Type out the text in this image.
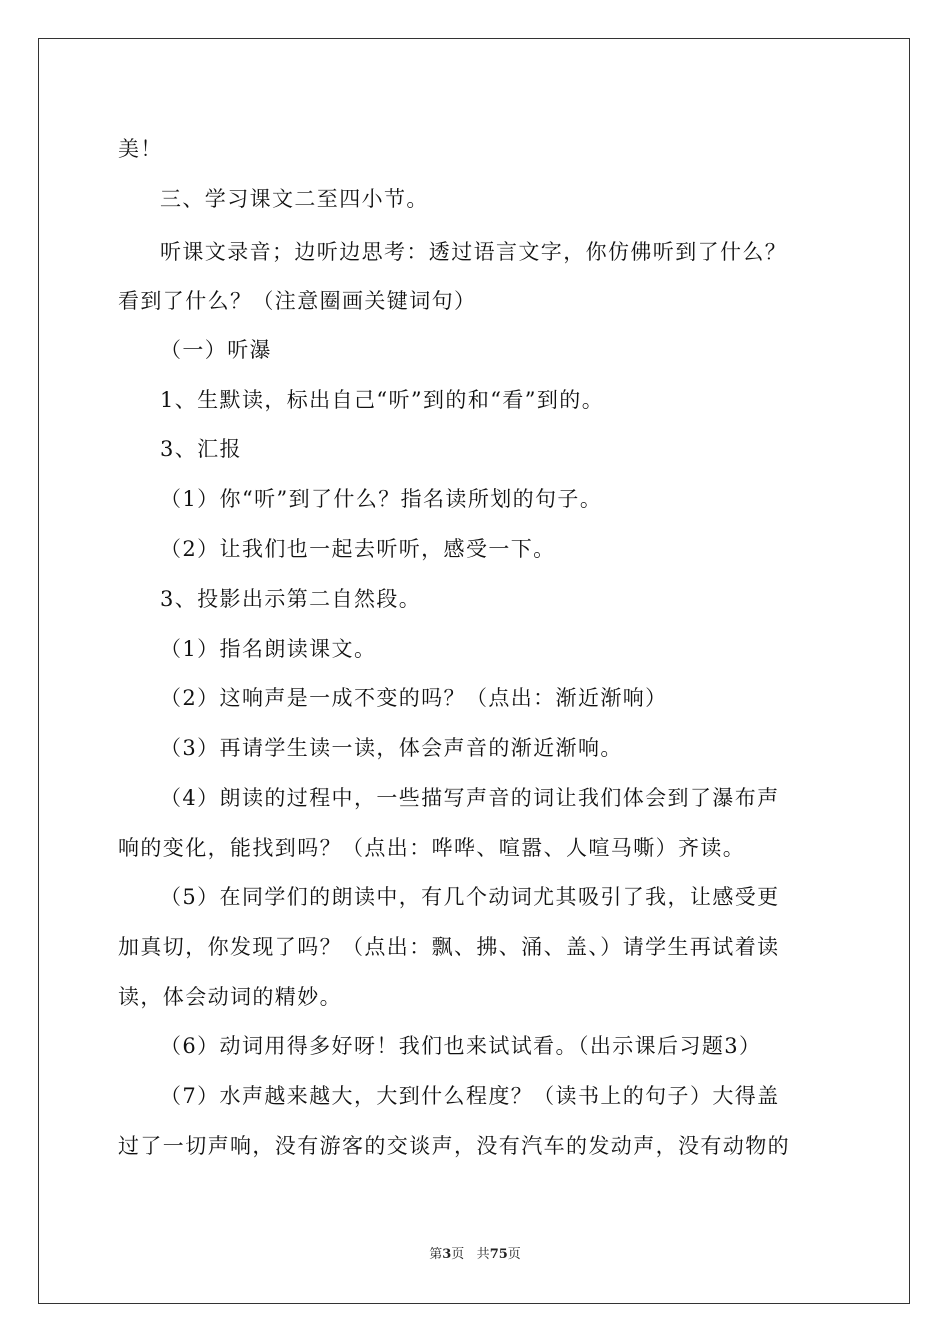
美！
三、学习课文二至四小节。
听课文录音；边听边思考：透过语言文字，你仿佛听到了什么？
看到了什么？（注意圈画关键词句）
（一）听瀑
1、生默读，标出自己“听”到的和“看”到的。
3、汇报
（1）你“听”到了什么？指名读所划的句子。
（2）让我们也一起去听听，感受一下。
3、投影出示第二自然段。
（1）指名朗读课文。
（2）这响声是一成不变的吗？（点出：渐近渐响）
（3）再请学生读一读，体会声音的渐近渐响。
（4）朗读的过程中，一些描写声音的词让我们体会到了瀑布声
响的变化，能找到吗？（点出：哗哗、喧嚣、人喧马嘶）齐读。
（5）在同学们的朗读中，有几个动词尤其吸引了我，让感受更
加真切，你发现了吗？（点出：飘、拂、涌、盖、）请学生再试着读
读，体会动词的精妙。
（6）动词用得多好呀！我们也来试试看。（出示课后习题3）
（7）水声越来越大，大到什么程度？（读书上的句子）大得盖
过了一切声响，没有游客的交谈声，没有汽车的发动声，没有动物的
第3页 共75页
